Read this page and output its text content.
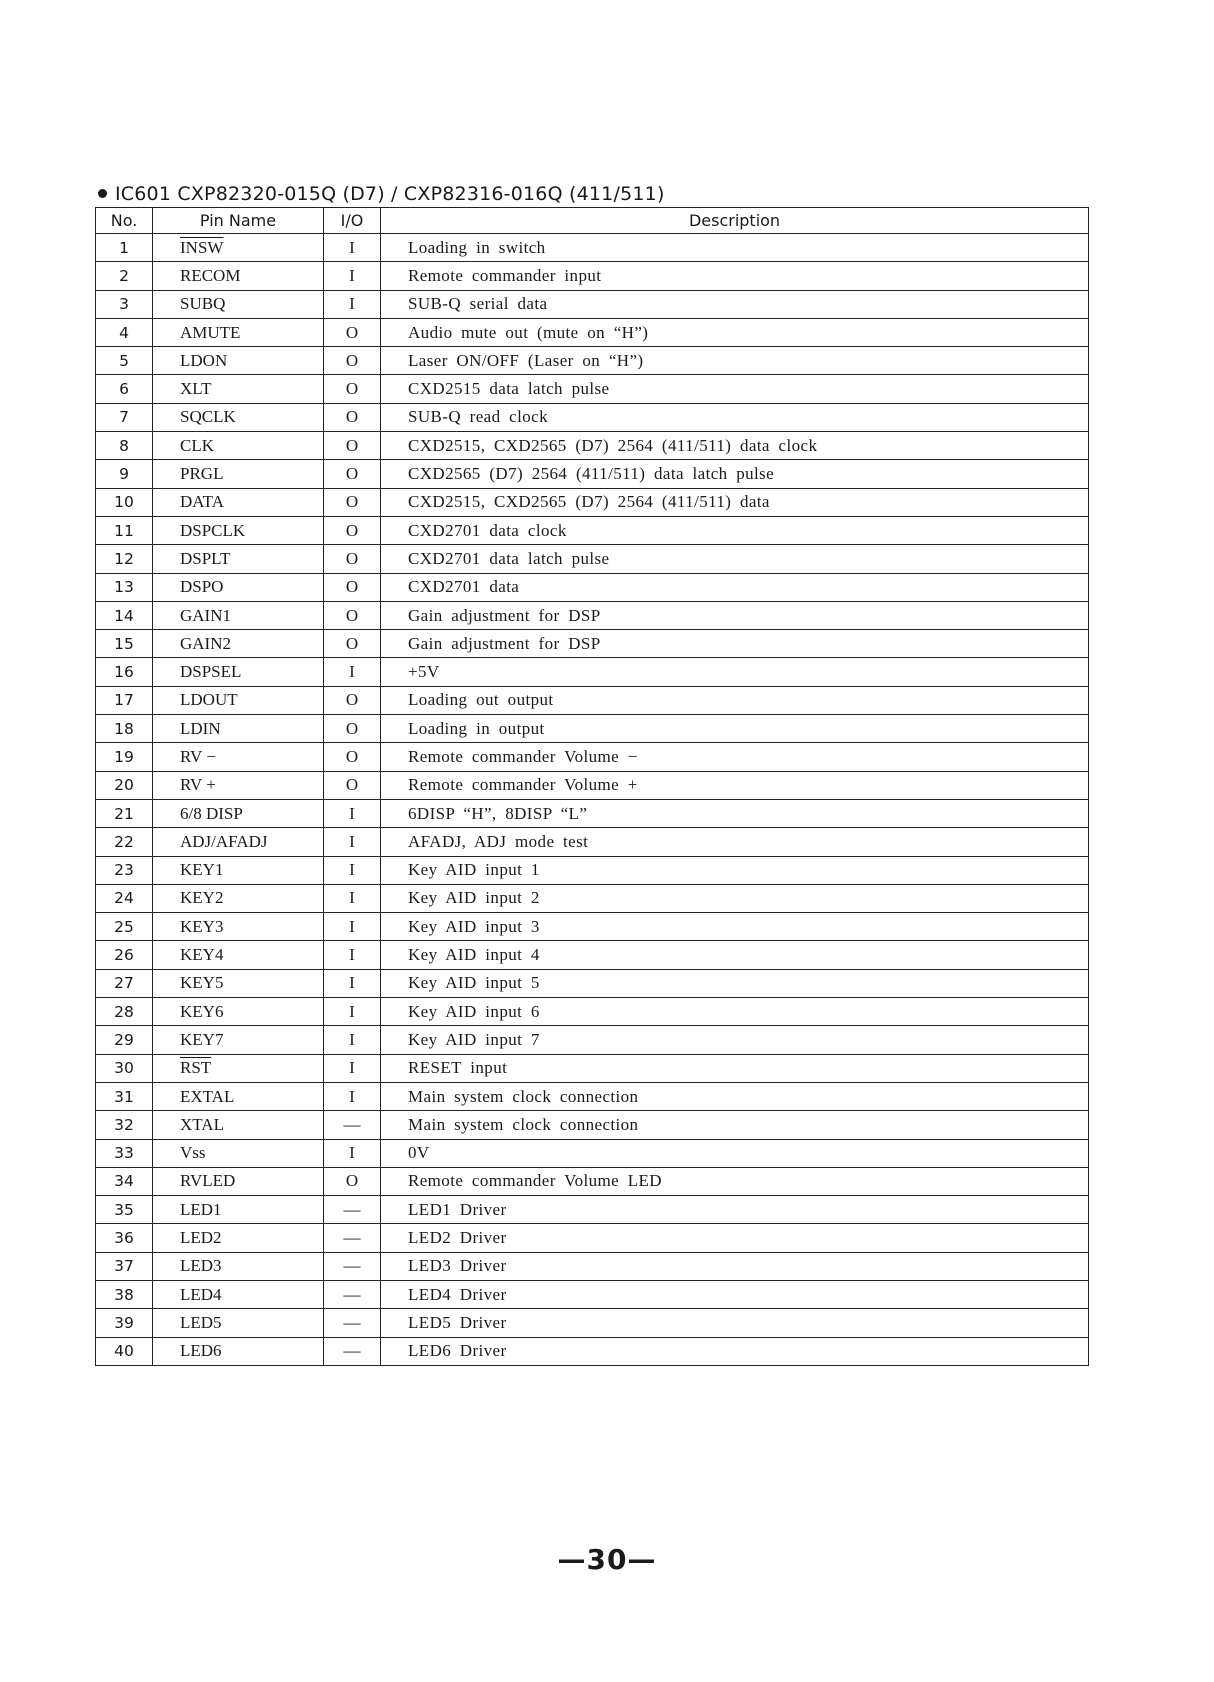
IC601 CXP82320-015Q (D7) / CXP82316-016Q (411/511)
No.	Pin Name	I/O	Description
1	INSW	I	Loading in switch
2	RECOM	I	Remote commander input
3	SUBQ	I	SUB-Q serial data
4	AMUTE	O	Audio mute out (mute on “H”)
5	LDON	O	Laser ON/OFF (Laser on “H”)
6	XLT	O	CXD2515 data latch pulse
7	SQCLK	O	SUB-Q read clock
8	CLK	O	CXD2515, CXD2565 (D7) 2564 (411/511) data clock
9	PRGL	O	CXD2565 (D7) 2564 (411/511) data latch pulse
10	DATA	O	CXD2515, CXD2565 (D7) 2564 (411/511) data
11	DSPCLK	O	CXD2701 data clock
12	DSPLT	O	CXD2701 data latch pulse
13	DSPO	O	CXD2701 data
14	GAIN1	O	Gain adjustment for DSP
15	GAIN2	O	Gain adjustment for DSP
16	DSPSEL	I	+5V
17	LDOUT	O	Loading out output
18	LDIN	O	Loading in output
19	RV −	O	Remote commander Volume −
20	RV +	O	Remote commander Volume +
21	6/8 DISP	I	6DISP “H”, 8DISP “L”
22	ADJ/AFADJ	I	AFADJ, ADJ mode test
23	KEY1	I	Key AID input 1
24	KEY2	I	Key AID input 2
25	KEY3	I	Key AID input 3
26	KEY4	I	Key AID input 4
27	KEY5	I	Key AID input 5
28	KEY6	I	Key AID input 6
29	KEY7	I	Key AID input 7
30	$\overline{RST}$	I	RESET input
31	EXTAL	I	Main system clock connection
32	XTAL	—	Main system clock connection
33	Vss	I	0V
34	RVLED	O	Remote commander Volume LED
35	LED1	—	LED1 Driver
36	LED2	—	LED2 Driver
37	LED3	—	LED3 Driver
38	LED4	—	LED4 Driver
39	LED5	—	LED5 Driver
40	LED6	—	LED6 Driver
—30—
